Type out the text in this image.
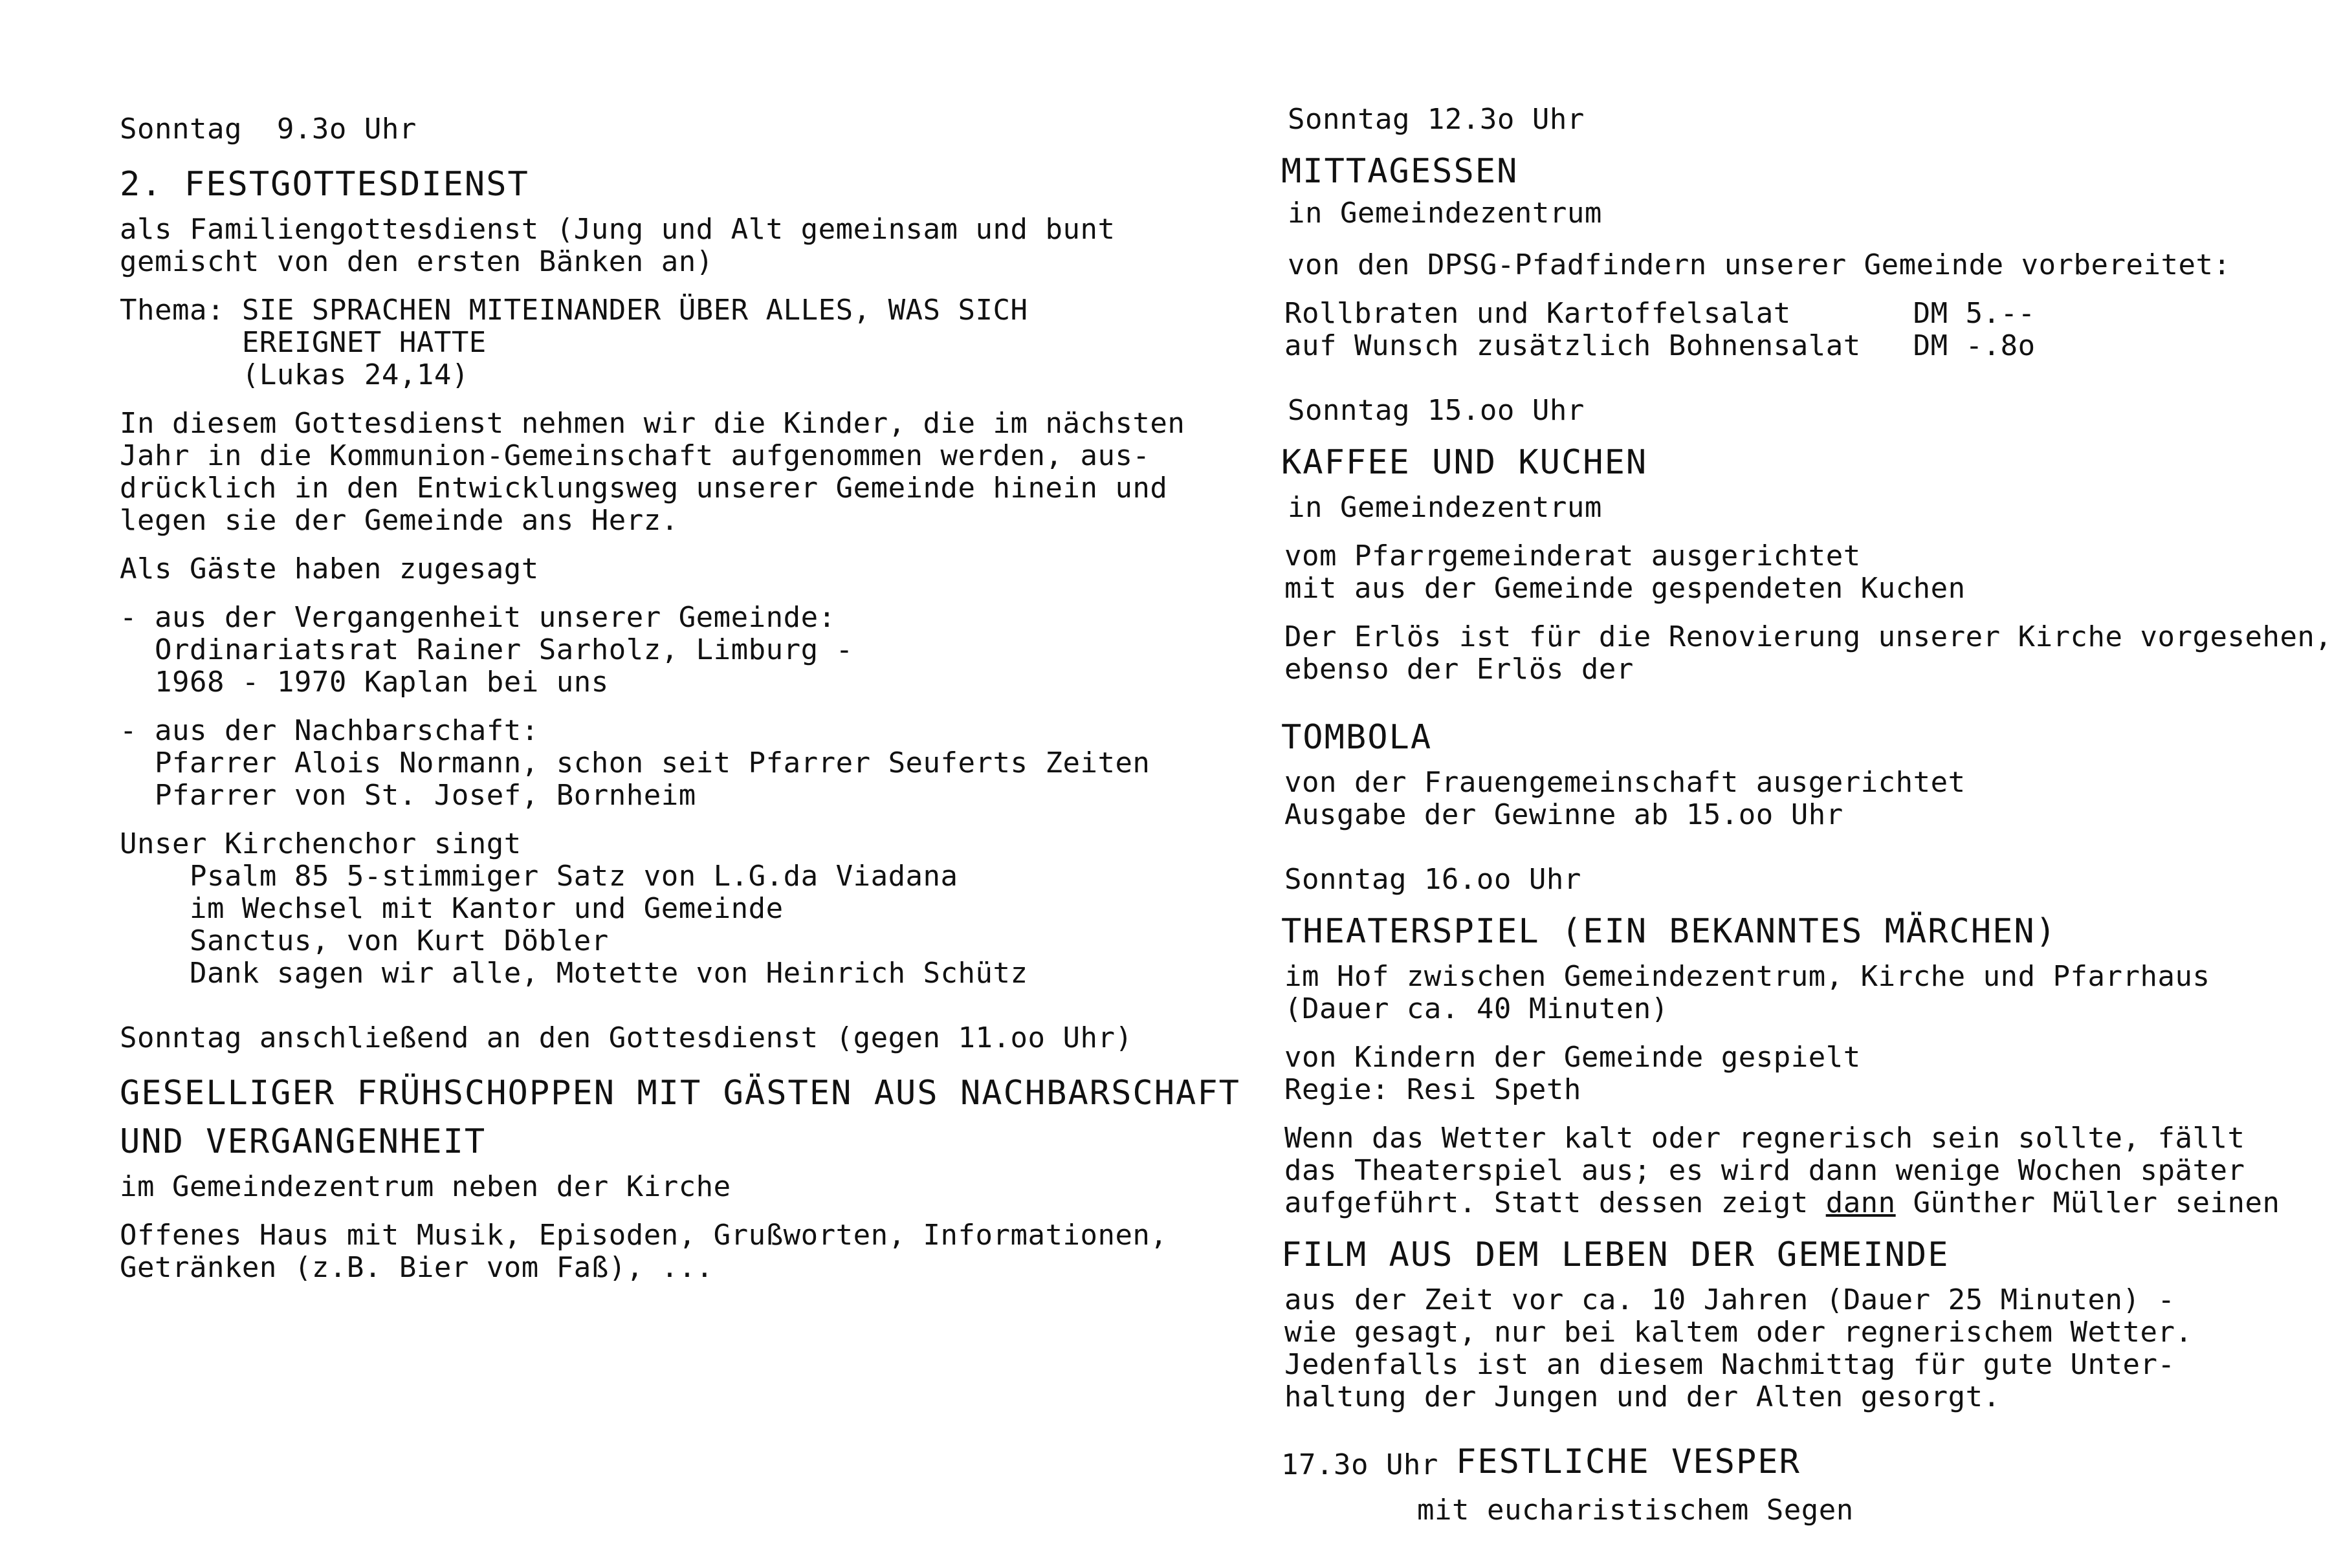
Sonntag  9.3o Uhr

2. FESTGOTTESDIENST

als Familiengottesdienst (Jung und Alt gemeinsam und bunt

gemischt von den ersten Bänken an)

Thema: SIE SPRACHEN MITEINANDER ÜBER ALLES, WAS SICH

EREIGNET HATTE

(Lukas 24,14)

In diesem Gottesdienst nehmen wir die Kinder, die im nächsten

Jahr in die Kommunion-Gemeinschaft aufgenommen werden, aus-

drücklich in den Entwicklungsweg unserer Gemeinde hinein und

legen sie der Gemeinde ans Herz.

Als Gäste haben zugesagt

- aus der Vergangenheit unserer Gemeinde:

Ordinariatsrat Rainer Sarholz, Limburg -

1968 - 1970 Kaplan bei uns

- aus der Nachbarschaft:

Pfarrer Alois Normann, schon seit Pfarrer Seuferts Zeiten

Pfarrer von St. Josef, Bornheim

Unser Kirchenchor singt

Psalm 85 5-stimmiger Satz von L.G.da Viadana

im Wechsel mit Kantor und Gemeinde

Sanctus, von Kurt Döbler

Dank sagen wir alle, Motette von Heinrich Schütz

Sonntag anschließend an den Gottesdienst (gegen 11.oo Uhr)

GESELLIGER FRÜHSCHOPPEN MIT GÄSTEN AUS NACHBARSCHAFT
UND VERGANGENHEIT

im Gemeindezentrum neben der Kirche

Offenes Haus mit Musik, Episoden, Grußworten, Informationen,

Getränken (z.B. Bier vom Faß), ...

Sonntag 12.3o Uhr

MITTAGESSEN

in Gemeindezentrum

von den DPSG-Pfadfindern unserer Gemeinde vorbereitet:

Rollbraten und Kartoffelsalat       DM 5.--

auf Wunsch zusätzlich Bohnensalat   DM -.8o

Sonntag 15.oo Uhr

KAFFEE UND KUCHEN

in Gemeindezentrum

vom Pfarrgemeinderat ausgerichtet

mit aus der Gemeinde gespendeten Kuchen

Der Erlös ist für die Renovierung unserer Kirche vorgesehen,

ebenso der Erlös der

TOMBOLA

von der Frauengemeinschaft ausgerichtet

Ausgabe der Gewinne ab 15.oo Uhr

Sonntag 16.oo Uhr

THEATERSPIEL (EIN BEKANNTES MÄRCHEN)

im Hof zwischen Gemeindezentrum, Kirche und Pfarrhaus

(Dauer ca. 40 Minuten)

von Kindern der Gemeinde gespielt

Regie: Resi Speth

Wenn das Wetter kalt oder regnerisch sein sollte, fällt

das Theaterspiel aus; es wird dann wenige Wochen später

aufgeführt. Statt dessen zeigt dann Günther Müller seinen

FILM AUS DEM LEBEN DER GEMEINDE

aus der Zeit vor ca. 10 Jahren (Dauer 25 Minuten) -

wie gesagt, nur bei kaltem oder regnerischem Wetter.

Jedenfalls ist an diesem Nachmittag für gute Unter-

haltung der Jungen und der Alten gesorgt.

17.3o Uhr FESTLICHE VESPER

mit eucharistischem Segen
